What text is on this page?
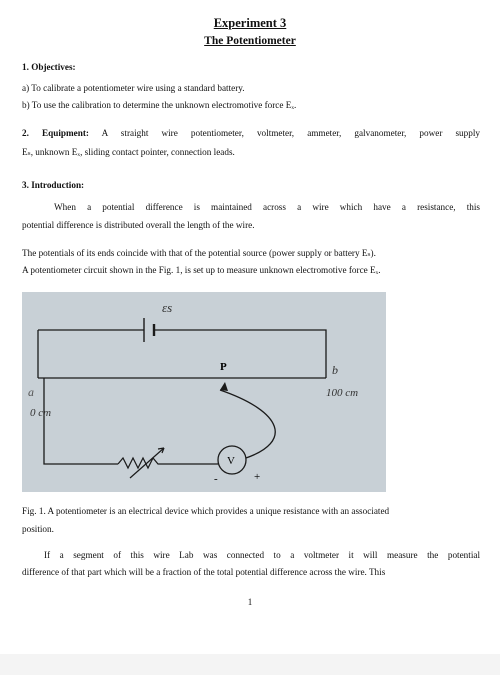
Experiment 3
The Potentiometer
1. Objectives:
a) To calibrate a potentiometer wire using a standard battery.
b) To use the calibration to determine the unknown electromotive force Eₓ.
2. Equipment: A straight wire potentiometer, voltmeter, ammeter, galvanometer, power supply
Eₛ, unknown Eₓ, sliding contact pointer, connection leads.
3. Introduction:
When a potential difference is maintained across a wire which have a resistance, this
potential difference is distributed overall the length of the wire.
The potentials of its ends coincide with that of the potential source (power supply or battery Eₛ).
A potentiometer circuit shown in the Fig. 1, is set up to measure unknown electromotive force Eₓ.
P
εs
b
100 cm
a
0 cm
V
-	+
Fig. 1. A potentiometer is an electrical device which provides a unique resistance with an associated
position.
If a segment of this wire Lab was connected to a voltmeter it will measure the potential
difference of that part which will be a fraction of the total potential difference across the wire. This
1
